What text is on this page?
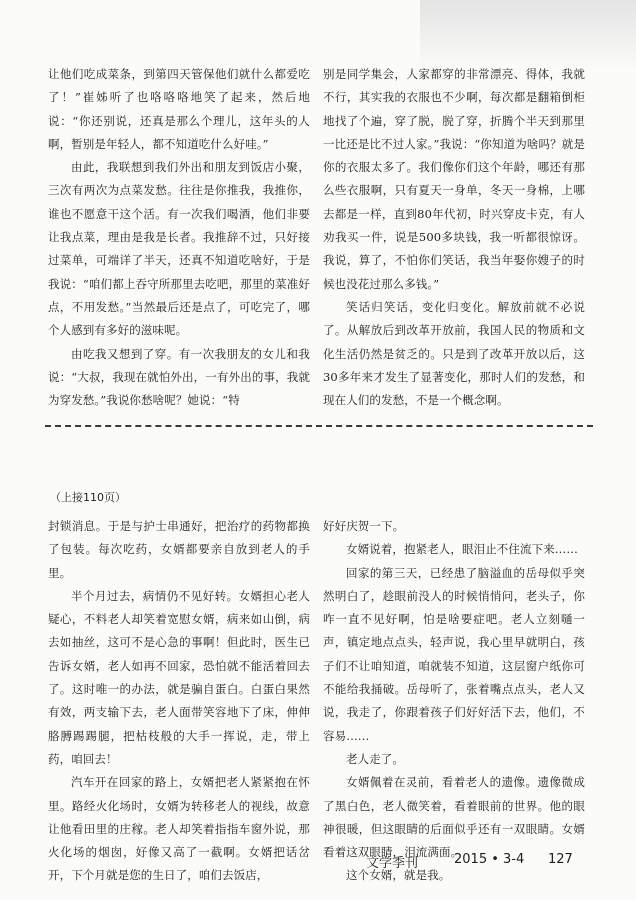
让他们吃成菜条，到第四天管保他们就什么都爱吃了！”崔姊听了也咯咯咯地笑了起来，然后地说：“你还别说，还真是那么个理儿，这年头的人啊，暂别是年轻人，都不知道吃什么好哇。”

由此，我联想到我们外出和朋友到饭店小聚，三次有两次为点菜发愁。往往是你推我，我推你，谁也不愿意干这个活。有一次我们喝酒，他们非要让我点菜，理由是我是长者。我推辞不过，只好接过菜单，可端详了半天，还真不知道吃啥好，于是我说：“咱们都上吞守所那里去吃吧，那里的菜准好点，不用发愁。”当然最后还是点了，可吃完了，哪个人感到有多好的滋味呢。

由吃我又想到了穿。有一次我朋友的女儿和我说：“大叔，我现在就怕外出，一有外出的事，我就为穿发愁。”我说你愁啥呢？她说：“特

别是同学集会，人家都穿的非常漂亮、得体，我就不行，其实我的衣服也不少啊，每次都是翻箱倒柜地找了个遍，穿了脱，脱了穿，折腾个半天到那里一比还是比不过人家。”我说：“你知道为啥吗？就是你的衣服太多了。我们像你们这个年龄，哪还有那么些衣服啊，只有夏天一身单，冬天一身棉，上哪去都是一样，直到80年代初，时兴穿皮卡克，有人劝我买一件，说是500多块钱，我一听都很惊讶。我说，算了，不怕你们笑话，我当年娶你嫂子的时候也没花过那么多钱。”

笑话归笑话，变化归变化。解放前就不必说了。从解放后到改革开放前，我国人民的物质和文化生活仍然是贫乏的。只是到了改革开放以后，这30多年来才发生了显著变化，那时人们的发愁，和现在人们的发愁，不是一个概念啊。

（上接110页）

封锁消息。于是与护士串通好，把治疗的药物都换了包装。每次吃药，女婿都要亲自放到老人的手里。

半个月过去，病情仍不见好转。女婿担心老人疑心，不料老人却笑着宽慰女婿，病来如山倒，病去如抽丝，这可不是心急的事啊！但此时，医生已告诉女婿，老人如再不回家，恐怕就不能活着回去了。这时唯一的办法，就是骗自蛋白。白蛋白果然有效，两支输下去，老人面带笑容地下了床，伸伸胳膊踢踢腿，把枯枝般的大手一挥说，走，带上药，咱回去！

汽车开在回家的路上，女婿把老人紧紧抱在怀里。路经火化场时，女婿为转移老人的视线，故意让他看田里的庄稼。老人却笑着指指车窗外说，那火化场的烟囱，好像又高了一截啊。女婿把话岔开，下个月就是您的生日了，咱们去饭店，

好好庆贺一下。

女婿说着，抱紧老人，眼泪止不住流下来……

回家的第三天，已经患了脑溢血的岳母似乎突然明白了，趁眼前没人的时候悄悄问，老头子，你咋一直不见好啊，怕是啥要症吧。老人立刻嗵一声，镇定地点点头，轻声说，我心里早就明白，孩子们不让咱知道，咱就装不知道，这层窗户纸你可不能给我捅破。岳母听了，张着嘴点点头，老人又说，我走了，你跟着孩子们好好活下去，他们，不容易……

老人走了。

女婿佩着在灵前，看着老人的遗像。遗像微成了黑白色，老人微笑着，看着眼前的世界。他的眼神很暖，但这眼睛的后面似乎还有一双眼睛。女婿看着这双眼睛，泪流满面。

这个女婿，就是我。

文学季刊	2015 • 3-4 127
